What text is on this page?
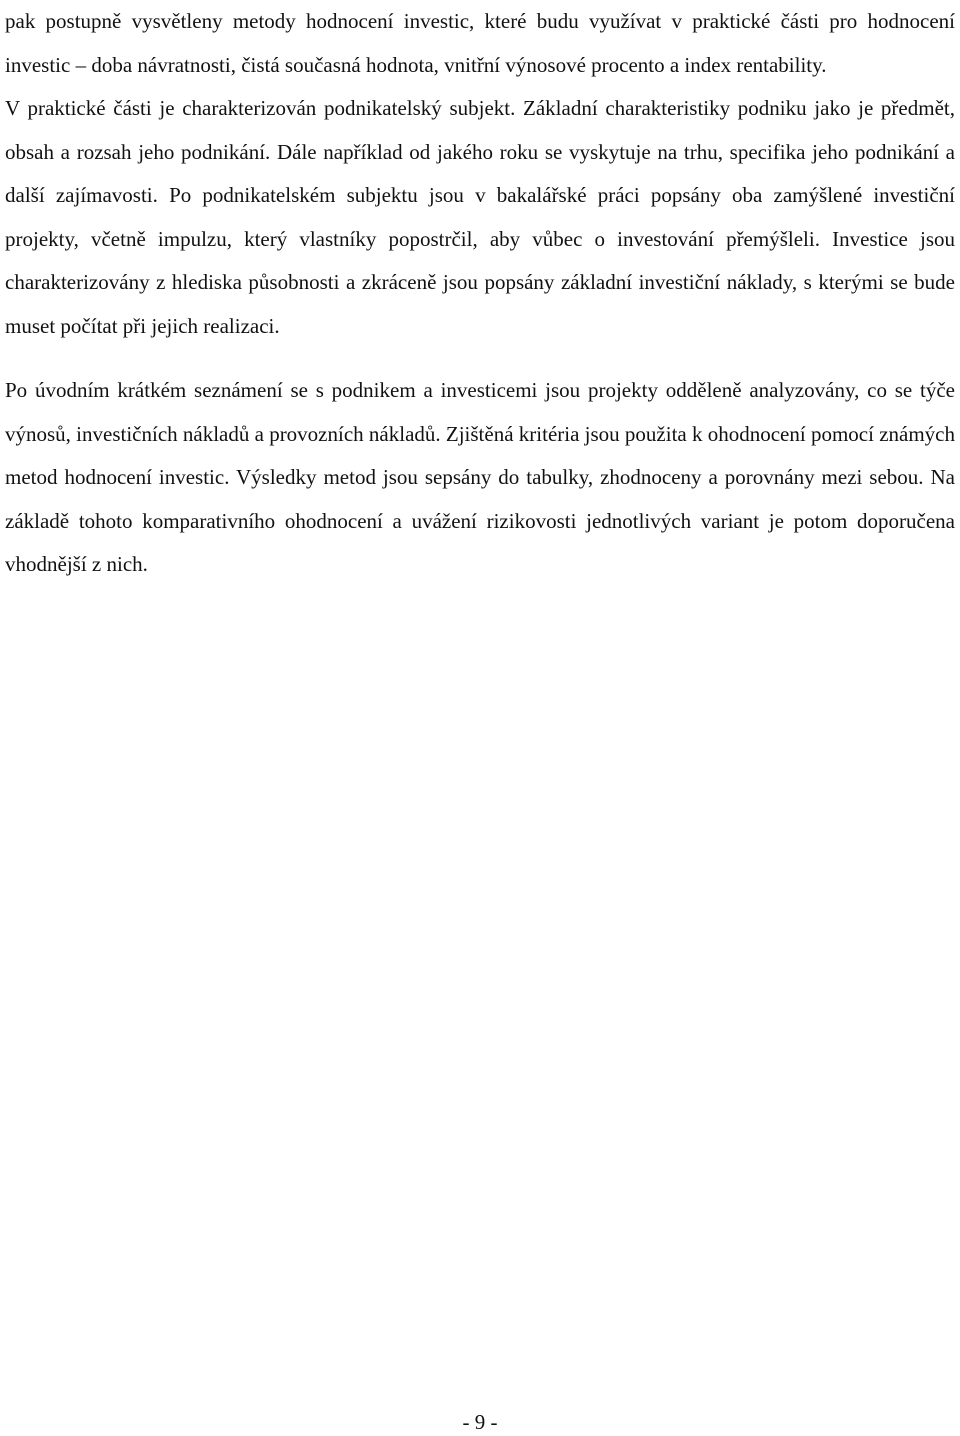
pak postupně vysvětleny metody hodnocení investic, které budu využívat v praktické části pro hodnocení investic – doba návratnosti, čistá současná hodnota, vnitřní výnosové procento a index rentability.

V praktické části je charakterizován podnikatelský subjekt. Základní charakteristiky podniku jako je předmět, obsah a rozsah jeho podnikání. Dále například od jakého roku se vyskytuje na trhu, specifika jeho podnikání a další zajímavosti. Po podnikatelském subjektu jsou v bakalářské práci popsány oba zamýšlené investiční projekty, včetně impulzu, který vlastníky popostrčil, aby vůbec o investování přemýšleli. Investice jsou charakterizovány z hlediska působnosti a zkráceně jsou popsány základní investiční náklady, s kterými se bude muset počítat při jejich realizaci.

Po úvodním krátkém seznámení se s podnikem a investicemi jsou projekty odděleně analyzovány, co se týče výnosů, investičních nákladů a provozních nákladů. Zjištěná kritéria jsou použita k ohodnocení pomocí známých metod hodnocení investic. Výsledky metod jsou sepsány do tabulky, zhodnoceny a porovnány mezi sebou. Na základě tohoto komparativního ohodnocení a uvážení rizikovosti jednotlivých variant je potom doporučena vhodnější z nich.

- 9 -
